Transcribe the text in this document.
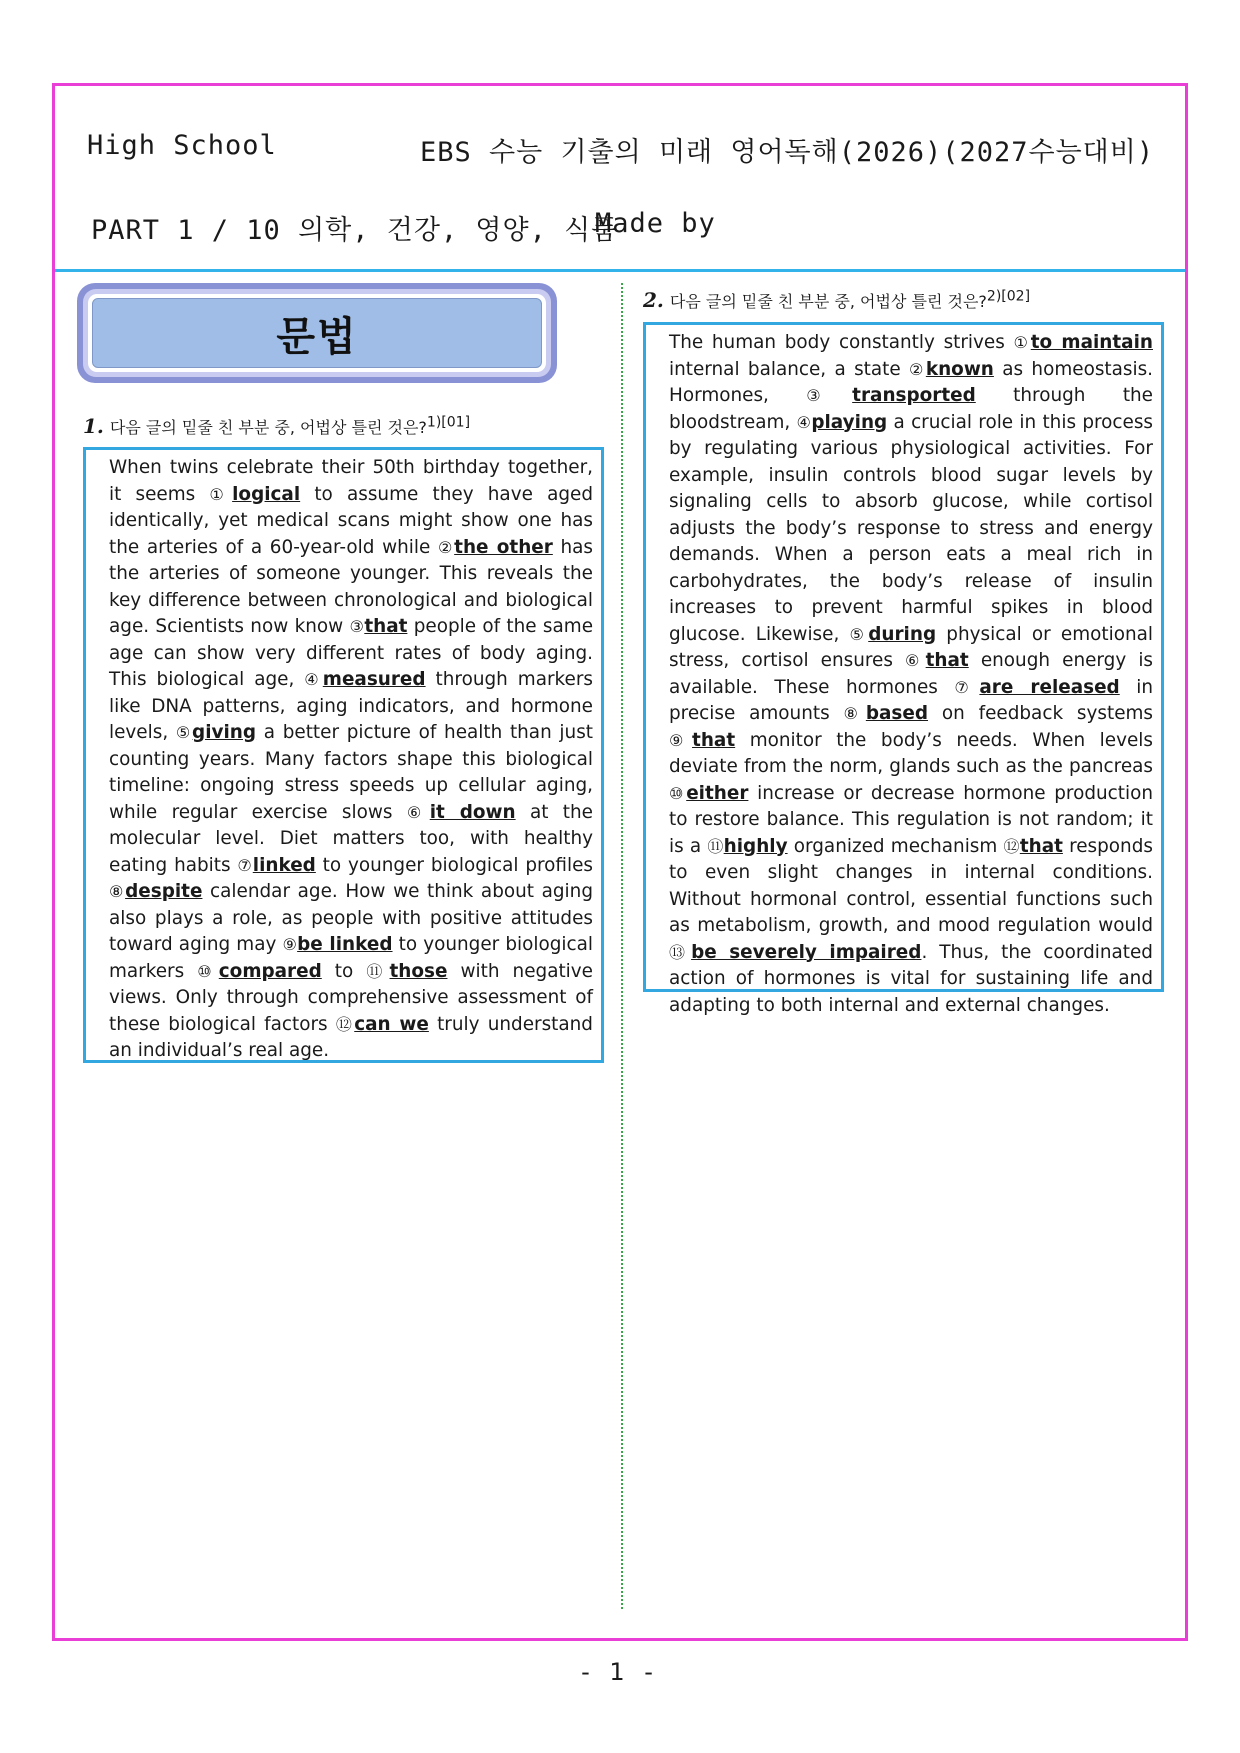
High School	EBS 수능 기출의 미래 영어독해(2026)(2027수능대비)
PART 1 / 10 의학, 건강, 영양, 식품
Made by
문법
1. 다음 글의 밑줄 친 부분 중, 어법상 틀린 것은?$^{1)[01]}$
When twins celebrate their 50th birthday together, it seems ①logical to assume they have aged identically, yet medical scans might show one has the arteries of a 60-year-old while ②the other has the arteries of someone younger. This reveals the key difference between chronological and biological age. Scientists now know ③that people of the same age can show very different rates of body aging. This biological age, ④measured through markers like DNA patterns, aging indicators, and hormone levels, ⑤giving a better picture of health than just counting years. Many factors shape this biological timeline: ongoing stress speeds up cellular aging, while regular exercise slows ⑥it down at the molecular level. Diet matters too, with healthy eating habits ⑦linked to younger biological profiles ⑧despite calendar age. How we think about aging also plays a role, as people with positive attitudes toward aging may ⑨be linked to younger biological markers ⑩compared to ⑪those with negative views. Only through comprehensive assessment of these biological factors ⑫can we truly understand an individual’s real age.
2. 다음 글의 밑줄 친 부분 중, 어법상 틀린 것은?$^{2)[02]}$
The human body constantly strives ①to maintain internal balance, a state ②known as homeostasis. Hormones, ③transported through the bloodstream, ④playing a crucial role in this process by regulating various physiological activities. For example, insulin controls blood sugar levels by signaling cells to absorb glucose, while cortisol adjusts the body’s response to stress and energy demands. When a person eats a meal rich in carbohydrates, the body’s release of insulin increases to prevent harmful spikes in blood glucose. Likewise, ⑤during physical or emotional stress, cortisol ensures ⑥that enough energy is available. These hormones ⑦are released in precise amounts ⑧based on feedback systems ⑨that monitor the body’s needs. When levels deviate from the norm, glands such as the pancreas ⑩either increase or decrease hormone production to restore balance. This regulation is not random; it is a ⑪highly organized mechanism ⑫that responds to even slight changes in internal conditions. Without hormonal control, essential functions such as metabolism, growth, and mood regulation would ⑬be severely impaired. Thus, the coordinated action of hormones is vital for sustaining life and adapting to both internal and external changes.
- 1 -
